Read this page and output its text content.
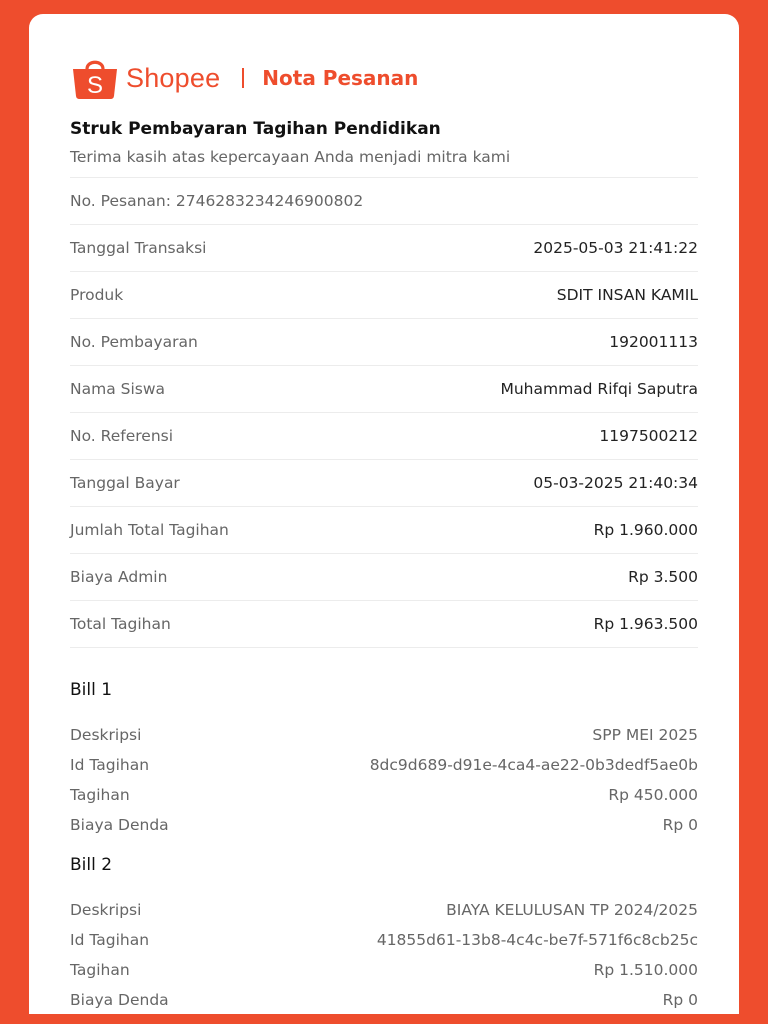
S Shopee Nota Pesanan
Struk Pembayaran Tagihan Pendidikan
Terima kasih atas kepercayaan Anda menjadi mitra kami
No. Pesanan: 2746283234246900802
Tanggal Transaksi	2025-05-03 21:41:22
Produk	SDIT INSAN KAMIL
No. Pembayaran	192001113
Nama Siswa	Muhammad Rifqi Saputra
No. Referensi	1197500212
Tanggal Bayar	05-03-2025 21:40:34
Jumlah Total Tagihan	Rp 1.960.000
Biaya Admin	Rp 3.500
Total Tagihan	Rp 1.963.500
Bill 1
Deskripsi	SPP MEI 2025
Id Tagihan	8dc9d689-d91e-4ca4-ae22-0b3dedf5ae0b
Tagihan	Rp 450.000
Biaya Denda	Rp 0
Bill 2
Deskripsi	BIAYA KELULUSAN TP 2024/2025
Id Tagihan	41855d61-13b8-4c4c-be7f-571f6c8cb25c
Tagihan	Rp 1.510.000
Biaya Denda	Rp 0
